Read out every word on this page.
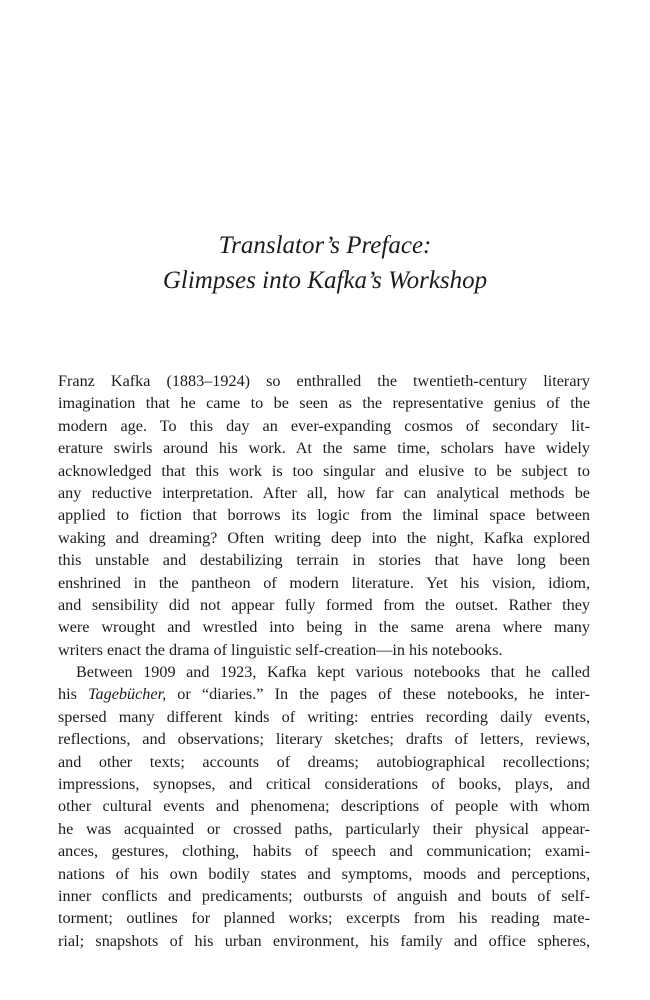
Translator’s Preface:
Glimpses into Kafka’s Workshop
Franz Kafka (1883–1924) so enthralled the twentieth-century literary
imagination that he came to be seen as the representative genius of the
modern age. To this day an ever-expanding cosmos of secondary lit-
erature swirls around his work. At the same time, scholars have widely
acknowledged that this work is too singular and elusive to be subject to
any reductive interpretation. After all, how far can analytical methods be
applied to fiction that borrows its logic from the liminal space between
waking and dreaming? Often writing deep into the night, Kafka explored
this unstable and destabilizing terrain in stories that have long been
enshrined in the pantheon of modern literature. Yet his vision, idiom,
and sensibility did not appear fully formed from the outset. Rather they
were wrought and wrestled into being in the same arena where many
writers enact the drama of linguistic self-creation—in his notebooks.
Between 1909 and 1923, Kafka kept various notebooks that he called
his Tagebücher, or “diaries.” In the pages of these notebooks, he inter-
spersed many different kinds of writing: entries recording daily events,
reflections, and observations; literary sketches; drafts of letters, reviews,
and other texts; accounts of dreams; autobiographical recollections;
impressions, synopses, and critical considerations of books, plays, and
other cultural events and phenomena; descriptions of people with whom
he was acquainted or crossed paths, particularly their physical appear-
ances, gestures, clothing, habits of speech and communication; exami-
nations of his own bodily states and symptoms, moods and perceptions,
inner conflicts and predicaments; outbursts of anguish and bouts of self-
torment; outlines for planned works; excerpts from his reading mate-
rial; snapshots of his urban environment, his family and office spheres,
